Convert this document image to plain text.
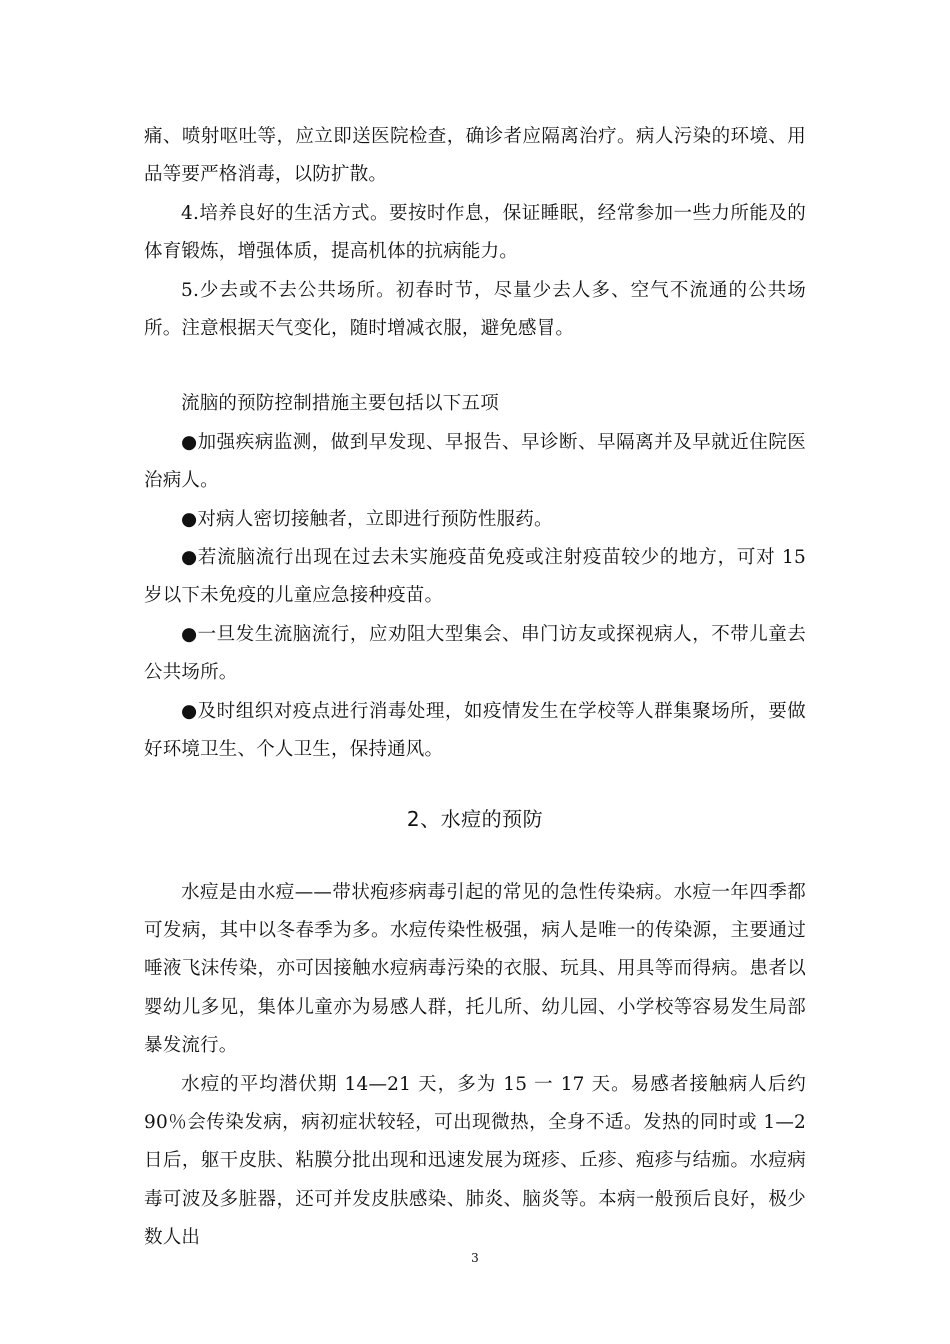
痛、喷射呕吐等，应立即送医院检查，确诊者应隔离治疗。病人污染的环境、用品等要严格消毒，以防扩散。

4.培养良好的生活方式。要按时作息，保证睡眠，经常参加一些力所能及的体育锻炼，增强体质，提高机体的抗病能力。

5.少去或不去公共场所。初春时节，尽量少去人多、空气不流通的公共场所。注意根据天气变化，随时增减衣服，避免感冒。

流脑的预防控制措施主要包括以下五项

●加强疾病监测，做到早发现、早报告、早诊断、早隔离并及早就近住院医治病人。

●对病人密切接触者，立即进行预防性服药。

●若流脑流行出现在过去未实施疫苗免疫或注射疫苗较少的地方，可对 15 岁以下未免疫的儿童应急接种疫苗。

●一旦发生流脑流行，应劝阻大型集会、串门访友或探视病人，不带儿童去公共场所。

●及时组织对疫点进行消毒处理，如疫情发生在学校等人群集聚场所，要做好环境卫生、个人卫生，保持通风。

2、水痘的预防

水痘是由水痘——带状疱疹病毒引起的常见的急性传染病。水痘一年四季都可发病，其中以冬春季为多。水痘传染性极强，病人是唯一的传染源，主要通过唾液飞沫传染，亦可因接触水痘病毒污染的衣服、玩具、用具等而得病。患者以婴幼儿多见，集体儿童亦为易感人群，托儿所、幼儿园、小学校等容易发生局部暴发流行。

水痘的平均潜伏期 14—21 天，多为 15 一 17 天。易感者接触病人后约 90％会传染发病，病初症状较轻，可出现微热，全身不适。发热的同时或 1—2 日后，躯干皮肤、粘膜分批出现和迅速发展为斑疹、丘疹、疱疹与结痂。水痘病毒可波及多脏器，还可并发皮肤感染、肺炎、脑炎等。本病一般预后良好，极少数人出

3
